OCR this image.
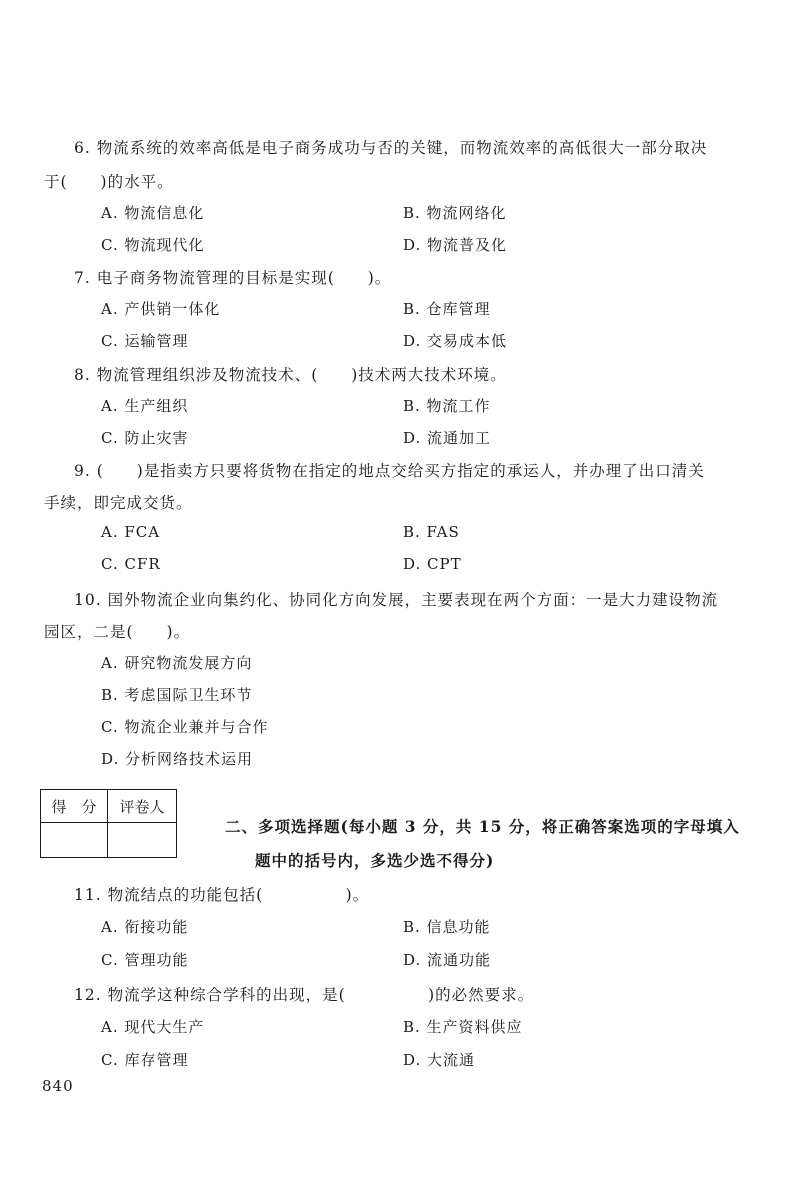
6. 物流系统的效率高低是电子商务成功与否的关键，而物流效率的高低很大一部分取决
于(　　)的水平。
A. 物流信息化	B. 物流网络化
C. 物流现代化	D. 物流普及化
7. 电子商务物流管理的目标是实现(　　)。
A. 产供销一体化	B. 仓库管理
C. 运输管理	D. 交易成本低
8. 物流管理组织涉及物流技术、(　　)技术两大技术环境。
A. 生产组织	B. 物流工作
C. 防止灾害	D. 流通加工
9. (　　)是指卖方只要将货物在指定的地点交给买方指定的承运人，并办理了出口清关
手续，即完成交货。
A. FCA	B. FAS
C. CFR	D. CPT
10. 国外物流企业向集约化、协同化方向发展，主要表现在两个方面：一是大力建设物流
园区，二是(　　)。
A. 研究物流发展方向
B. 考虑国际卫生环节
C. 物流企业兼并与合作
D. 分析网络技术运用
得　分	评卷人

二、多项选择题(每小题 3 分，共 15 分，将正确答案选项的字母填入
题中的括号内，多选少选不得分)
11. 物流结点的功能包括(　　　　　)。
A. 衔接功能	B. 信息功能
C. 管理功能	D. 流通功能
12. 物流学这种综合学科的出现，是(　　　　　)的必然要求。
A. 现代大生产	B. 生产资料供应
C. 库存管理	D. 大流通
840
